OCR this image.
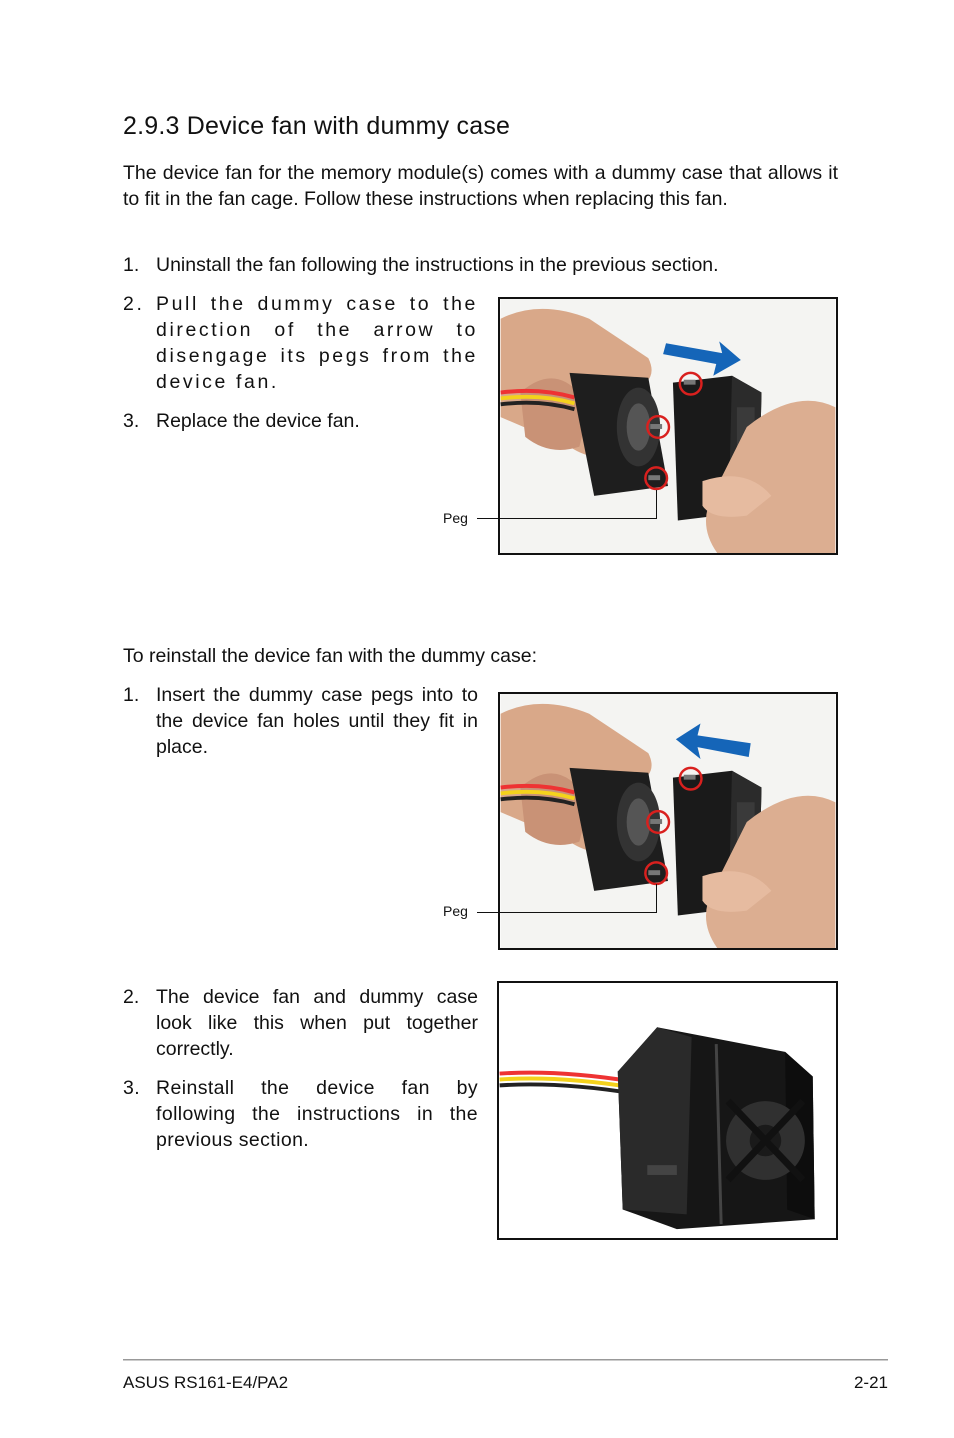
2.9.3 Device fan with dummy case

The device fan for the memory module(s) comes with a dummy case that allows it to fit in the fan cage. Follow these instructions when replacing this fan.

1. Uninstall the fan following the instructions in the previous section.
2. Pull the dummy case to the direction of the arrow to disengage its pegs from the device fan.
3. Replace the device fan.
Peg

To reinstall the device fan with the dummy case:

1. Insert the dummy case pegs into to the device fan holes until they fit in place.
Peg
2. The device fan and dummy case look like this when put together correctly.
3. Reinstall the device fan by following the instructions in the previous section.
ASUS RS161-E4/PA2	2-21
